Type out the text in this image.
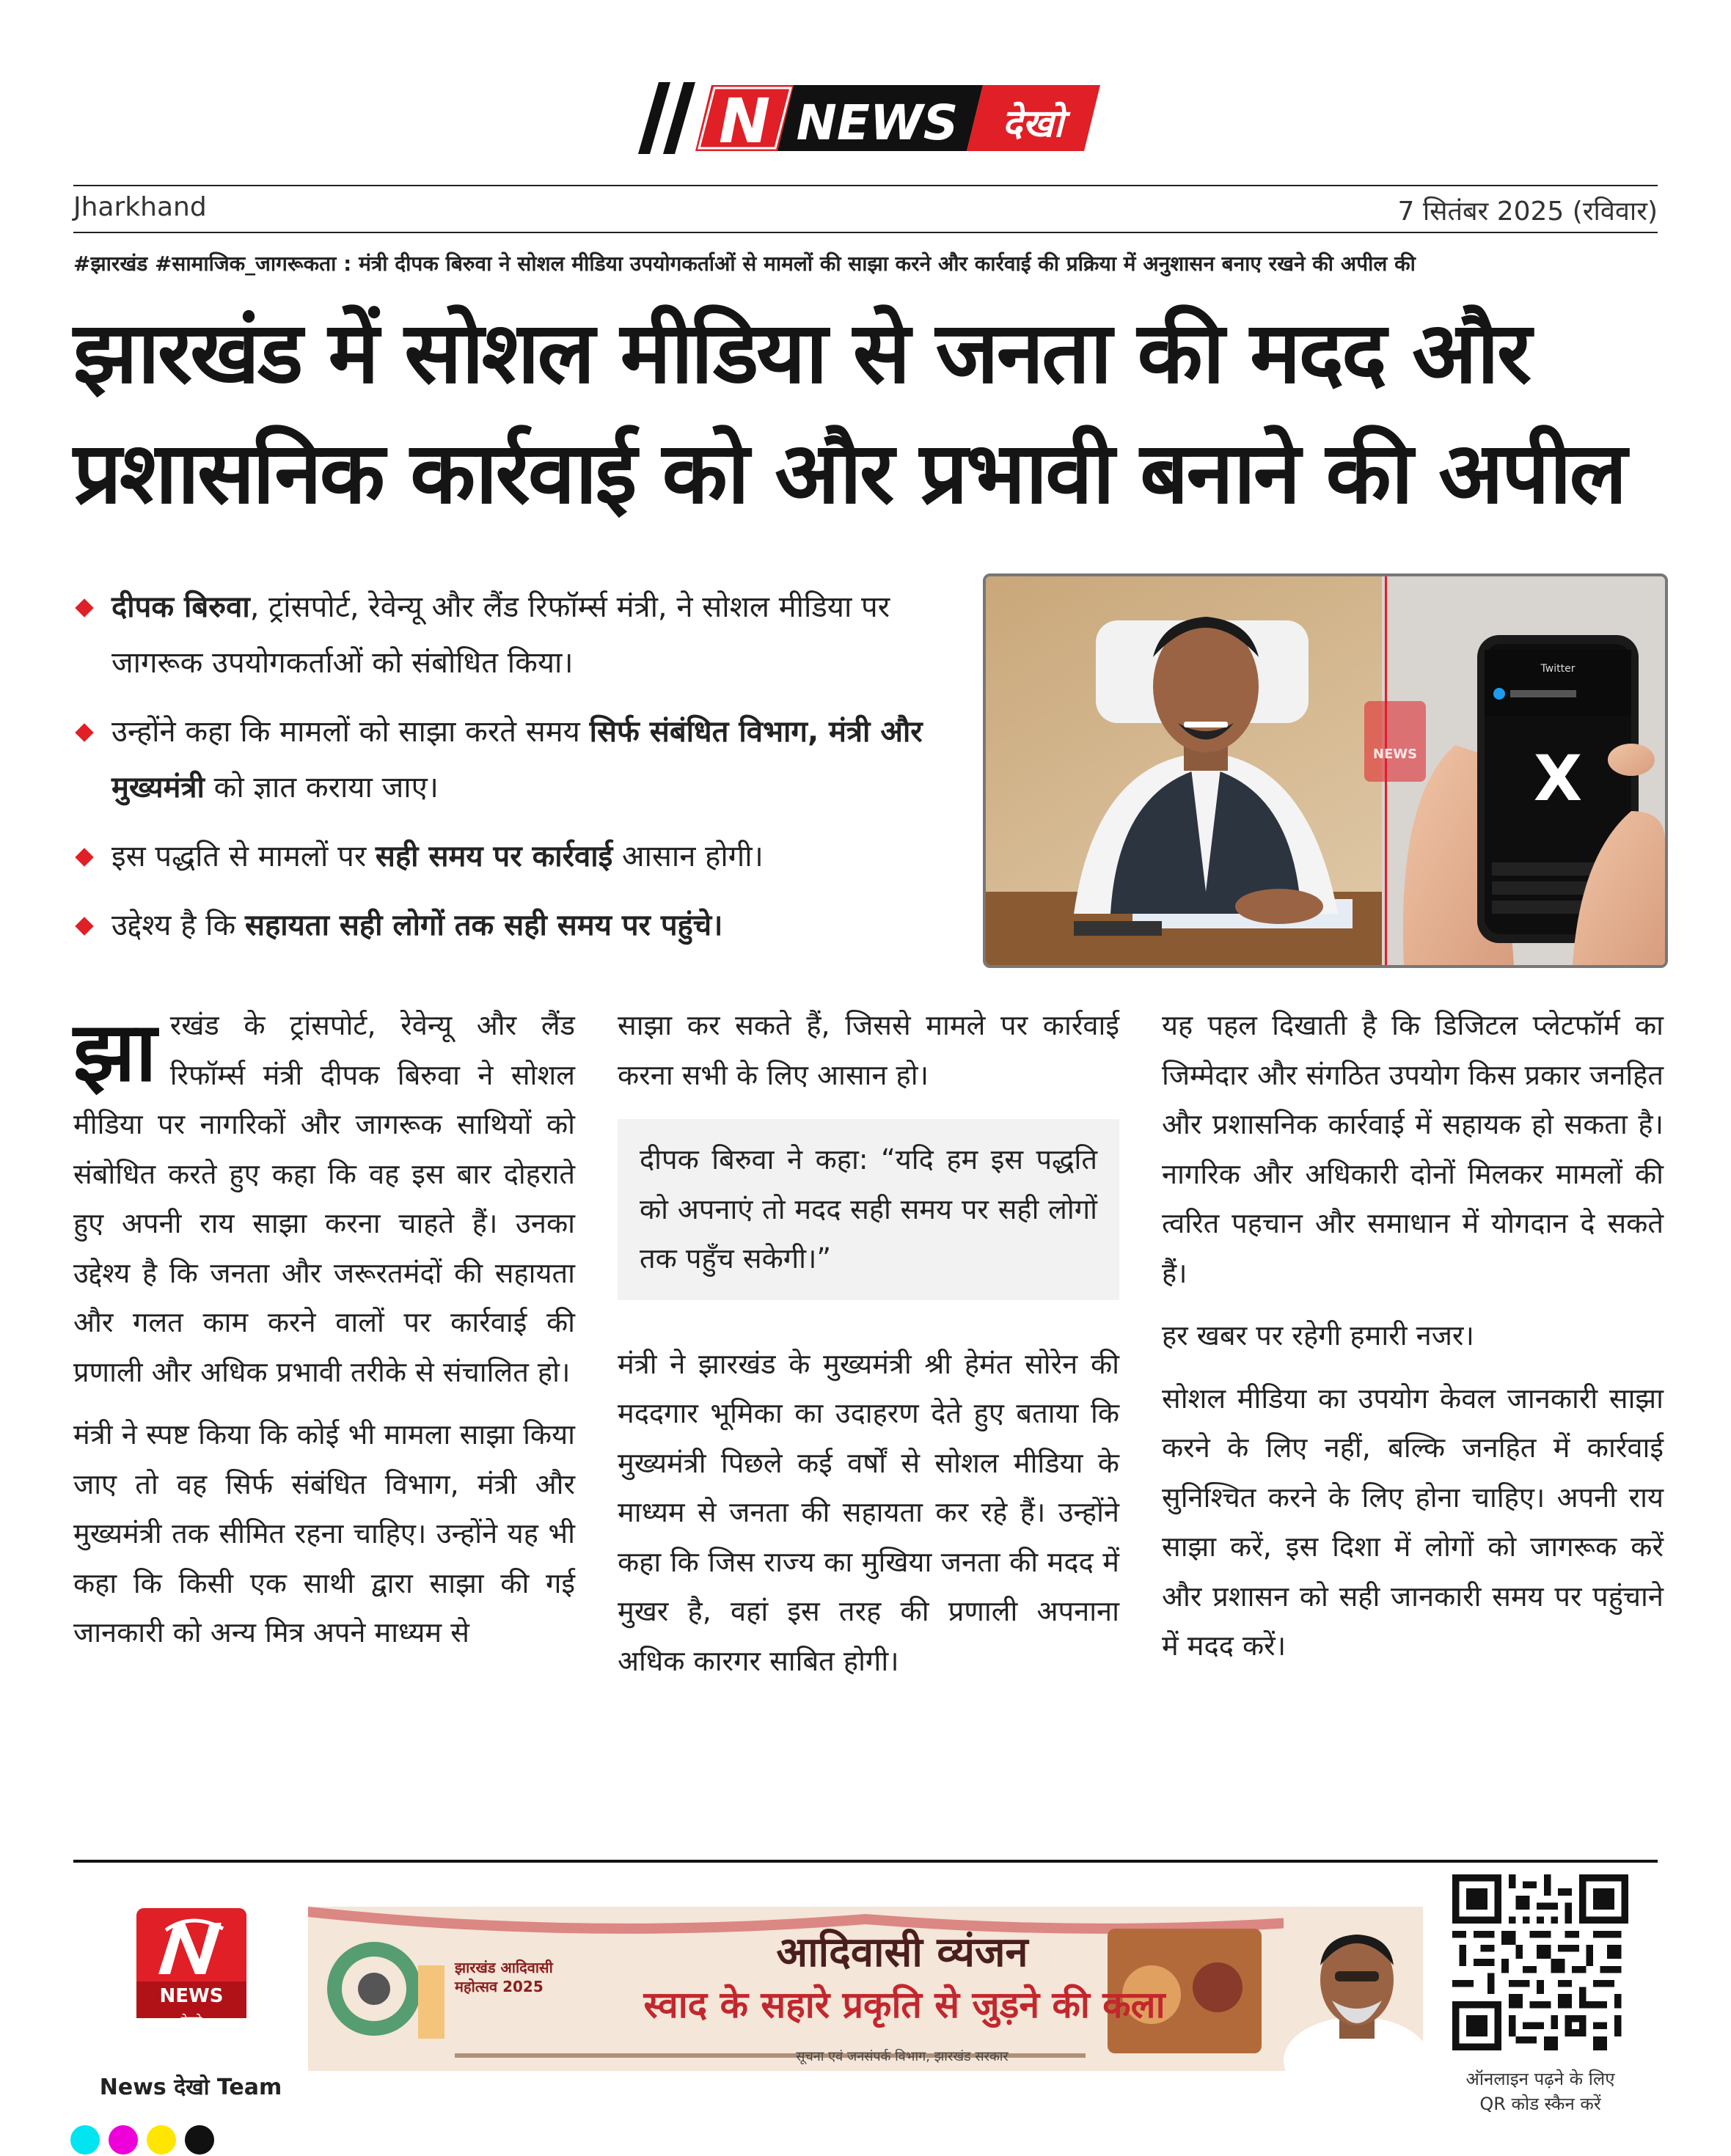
N NEWS देखो
Jharkhand	7 सितंबर 2025 (रविवार)
#झारखंड #सामाजिक_जागरूकता : मंत्री दीपक बिरुवा ने सोशल मीडिया उपयोगकर्ताओं से मामलों की साझा करने और कार्रवाई की प्रक्रिया में अनुशासन बनाए रखने की अपील की
झारखंड में सोशल मीडिया से जनता की मदद और
प्रशासनिक कार्रवाई को और प्रभावी बनाने की अपील
दीपक बिरुवा, ट्रांसपोर्ट, रेवेन्यू और लैंड रिफॉर्म्स मंत्री, ने सोशल मीडिया पर जागरूक उपयोगकर्ताओं को संबोधित किया।
उन्होंने कहा कि मामलों को साझा करते समय सिर्फ संबंधित विभाग, मंत्री और मुख्यमंत्री को ज्ञात कराया जाए।
इस पद्धति से मामलों पर सही समय पर कार्रवाई आसान होगी।
उद्देश्य है कि सहायता सही लोगों तक सही समय पर पहुंचे।
Twitter
X
NEWS

झारखंड के ट्रांसपोर्ट, रेवेन्यू और लैंड रिफॉर्म्स मंत्री दीपक बिरुवा ने सोशल मीडिया पर नागरिकों और जागरूक साथियों को संबोधित करते हुए कहा कि वह इस बार दोहराते हुए अपनी राय साझा करना चाहते हैं। उनका उद्देश्य है कि जनता और जरूरतमंदों की सहायता और गलत काम करने वालों पर कार्रवाई की प्रणाली और अधिक प्रभावी तरीके से संचालित हो।

मंत्री ने स्पष्ट किया कि कोई भी मामला साझा किया जाए तो वह सिर्फ संबंधित विभाग, मंत्री और मुख्यमंत्री तक सीमित रहना चाहिए। उन्होंने यह भी कहा कि किसी एक साथी द्वारा साझा की गई जानकारी को अन्य मित्र अपने माध्यम से

साझा कर सकते हैं, जिससे मामले पर कार्रवाई करना सभी के लिए आसान हो।

दीपक बिरुवा ने कहा: “यदि हम इस पद्धति को अपनाएं तो मदद सही समय पर सही लोगों तक पहुँच सकेगी।”

मंत्री ने झारखंड के मुख्यमंत्री श्री हेमंत सोरेन की मददगार भूमिका का उदाहरण देते हुए बताया कि मुख्यमंत्री पिछले कई वर्षों से सोशल मीडिया के माध्यम से जनता की सहायता कर रहे हैं। उन्होंने कहा कि जिस राज्य का मुखिया जनता की मदद में मुखर है, वहां इस तरह की प्रणाली अपनाना अधिक कारगर साबित होगी।

यह पहल दिखाती है कि डिजिटल प्लेटफॉर्म का जिम्मेदार और संगठित उपयोग किस प्रकार जनहित और प्रशासनिक कार्रवाई में सहायक हो सकता है। नागरिक और अधिकारी दोनों मिलकर मामलों की त्वरित पहचान और समाधान में योगदान दे सकते हैं।

हर खबर पर रहेगी हमारी नजर।

सोशल मीडिया का उपयोग केवल जानकारी साझा करने के लिए नहीं, बल्कि जनहित में कार्रवाई सुनिश्चित करने के लिए होना चाहिए। अपनी राय साझा करें, इस दिशा में लोगों को जागरूक करें और प्रशासन को सही जानकारी समय पर पहुंचाने में मदद करें।

NEWS
देखो
News देखो Team
झारखंड आदिवासी महोत्सव 2025
आदिवासी व्यंजन
स्वाद के सहारे प्रकृति से जुड़ने की कला
सूचना एवं जनसंपर्क विभाग, झारखंड सरकार
ऑनलाइन पढ़ने के लिए
QR कोड स्कैन करें
